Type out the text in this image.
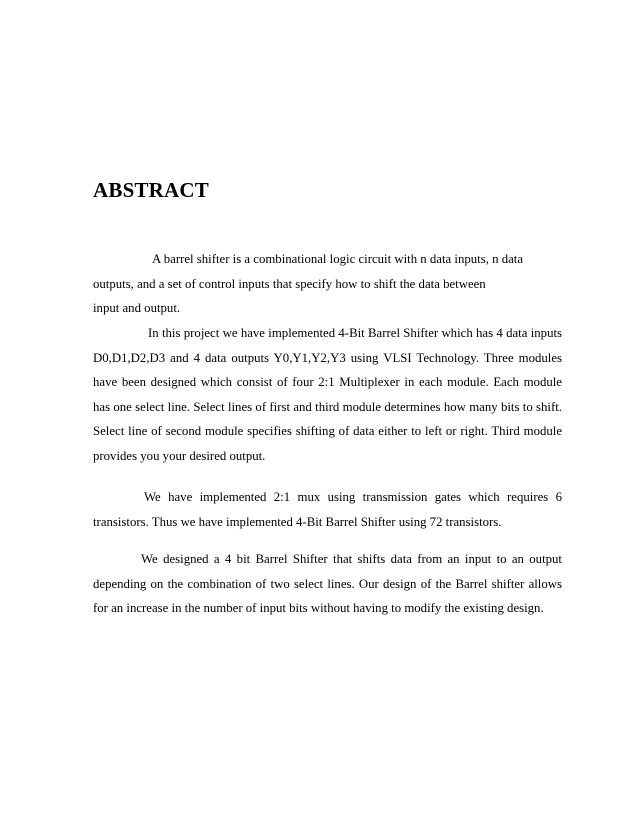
ABSTRACT
A barrel shifter is a combinational logic circuit with n data inputs, n data
outputs, and a set of control inputs that specify how to shift the data between
input and output.

In this project we have implemented 4-Bit Barrel Shifter which has 4 data inputs D0,D1,D2,D3 and 4 data outputs Y0,Y1,Y2,Y3 using VLSI Technology. Three modules have been designed which consist of four 2:1 Multiplexer in each module. Each module has one select line. Select lines of first and third module determines how many bits to shift. Select line of second module specifies shifting of data either to left or right. Third module provides you your desired output.

We have implemented 2:1 mux using transmission gates which requires 6 transistors. Thus we have implemented 4-Bit Barrel Shifter using 72 transistors.

We designed a 4 bit Barrel Shifter that shifts data from an input to an output depending on the combination of two select lines. Our design of the Barrel shifter allows for an increase in the number of input bits without having to modify the existing design.
